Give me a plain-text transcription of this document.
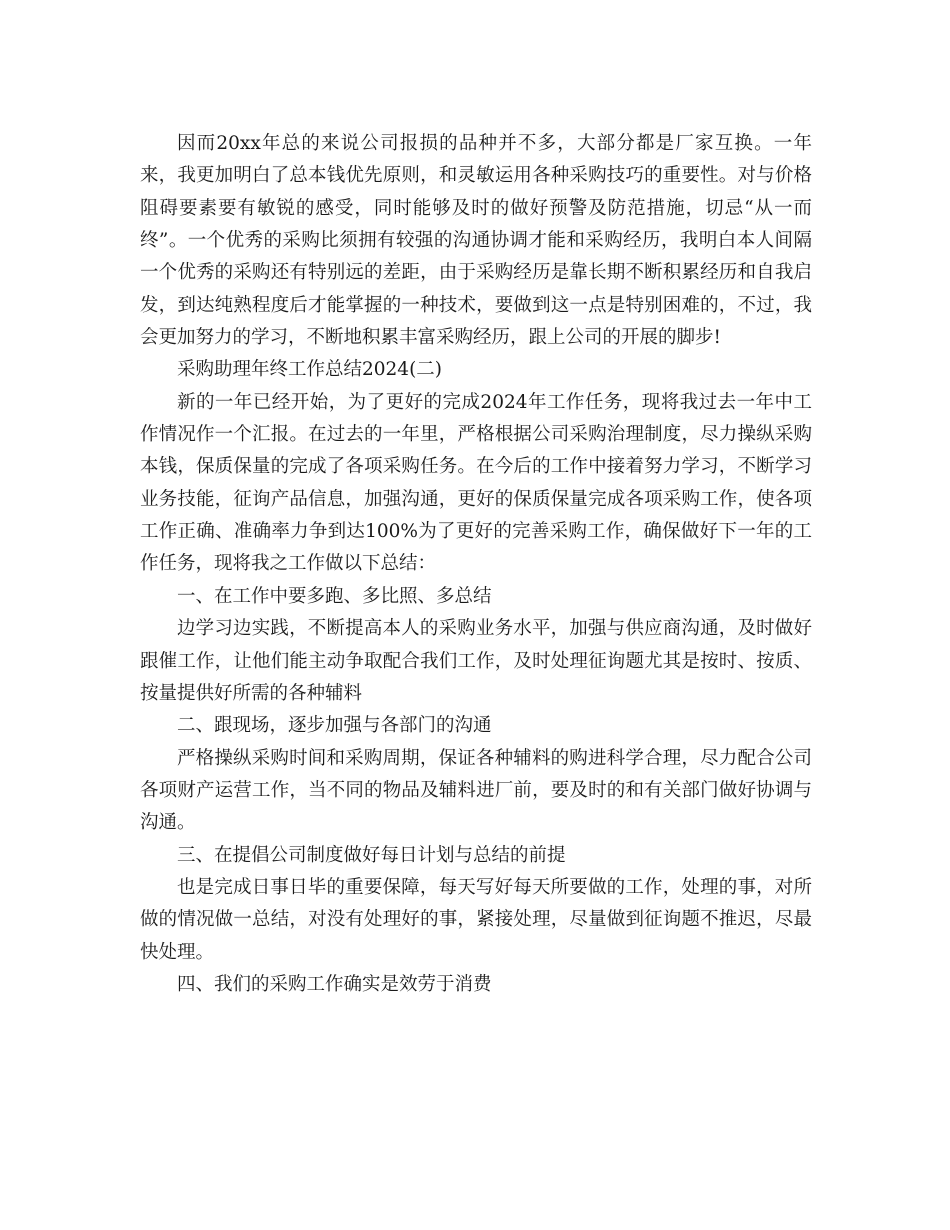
因而20xx年总的来说公司报损的品种并不多，大部分都是厂家互换。一年来，我更加明白了总本钱优先原则，和灵敏运用各种采购技巧的重要性。对与价格阻碍要素要有敏锐的感受，同时能够及时的做好预警及防范措施，切忌“从一而终”。一个优秀的采购比须拥有较强的沟通协调才能和采购经历，我明白本人间隔一个优秀的采购还有特别远的差距，由于采购经历是靠长期不断积累经历和自我启发，到达纯熟程度后才能掌握的一种技术，要做到这一点是特别困难的，不过，我会更加努力的学习，不断地积累丰富采购经历，跟上公司的开展的脚步!

采购助理年终工作总结2024(二)

新的一年已经开始，为了更好的完成2024年工作任务，现将我过去一年中工作情况作一个汇报。在过去的一年里，严格根据公司采购治理制度，尽力操纵采购本钱，保质保量的完成了各项采购任务。在今后的工作中接着努力学习，不断学习业务技能，征询产品信息，加强沟通，更好的保质保量完成各项采购工作，使各项工作正确、准确率力争到达100%为了更好的完善采购工作，确保做好下一年的工作任务，现将我之工作做以下总结：

一、在工作中要多跑、多比照、多总结

边学习边实践，不断提高本人的采购业务水平，加强与供应商沟通，及时做好跟催工作，让他们能主动争取配合我们工作，及时处理征询题尤其是按时、按质、按量提供好所需的各种辅料

二、跟现场，逐步加强与各部门的沟通

严格操纵采购时间和采购周期，保证各种辅料的购进科学合理，尽力配合公司各项财产运营工作，当不同的物品及辅料进厂前，要及时的和有关部门做好协调与沟通。

三、在提倡公司制度做好每日计划与总结的前提

也是完成日事日毕的重要保障，每天写好每天所要做的工作，处理的事，对所做的情况做一总结，对没有处理好的事，紧接处理，尽量做到征询题不推迟，尽最快处理。

四、我们的采购工作确实是效劳于消费
